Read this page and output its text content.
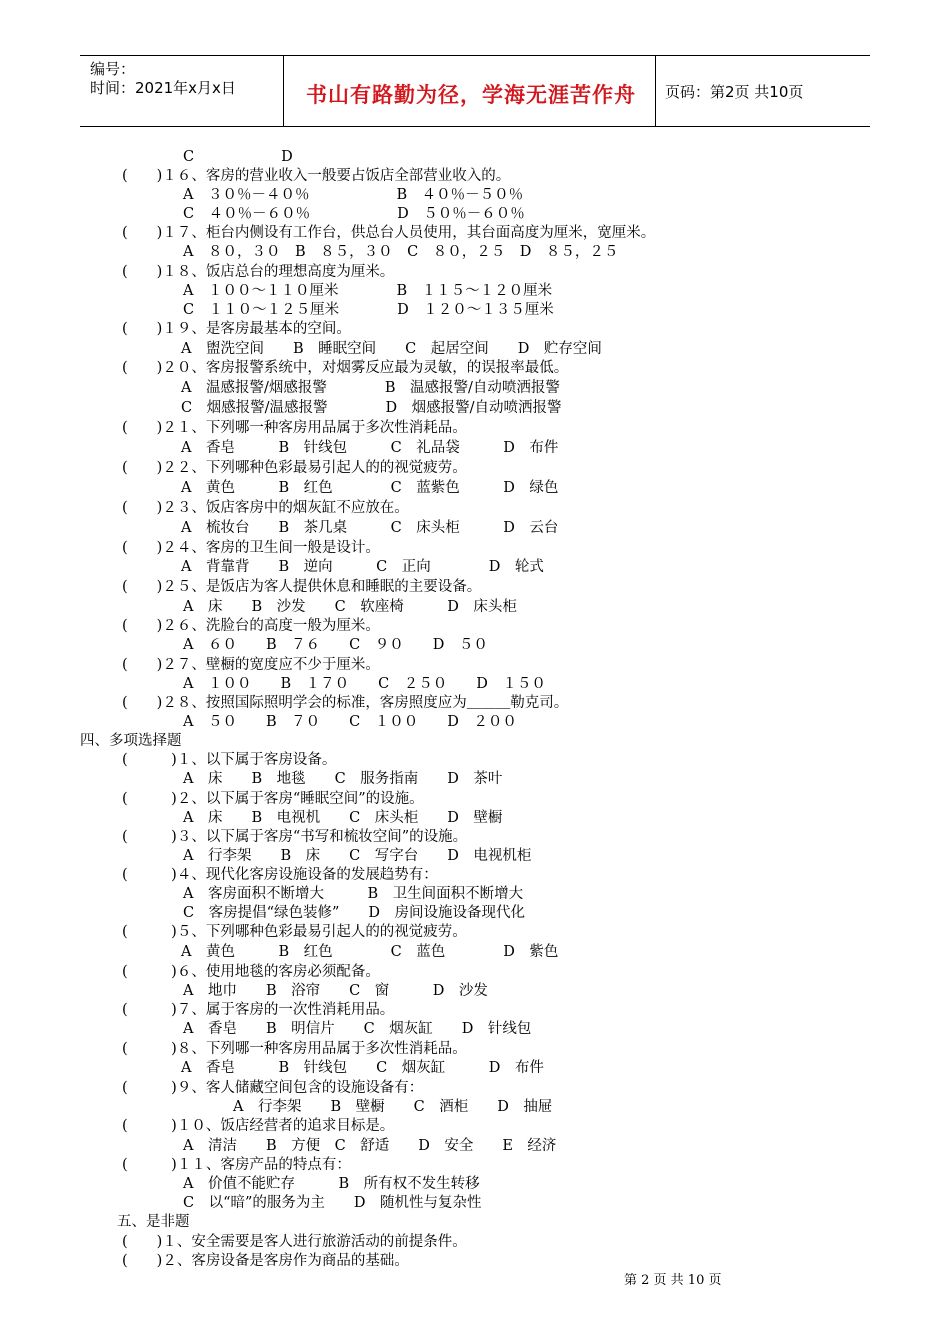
编号：
时间：2021年x月x日	书山有路勤为径，学海无涯苦作舟	页码：第2页 共10页
C　　　　　　D
(　　)１６、客房的营业收入一般要占饭店全部营业收入的。
A　３０％－４０％　　　　　　B　４０％－５０％
C　４０％－６０％　　　　　　D　５０％－６０％
(　　)１７、柜台内侧设有工作台，供总台人员使用，其台面高度为厘米，宽厘米。
A　８０，３０　B　８５，３０　C　８０，２５　D　８５，２５
(　　)１８、饭店总台的理想高度为厘米。
A　１００～１１０厘米　　　　B　１１５～１２０厘米
C　１１０～１２５厘米　　　　D　１２０～１３５厘米
(　　)１９、是客房最基本的空间。
A　盥洗空间　　B　睡眠空间　　C　起居空间　　D　贮存空间
(　　)２０、客房报警系统中，对烟雾反应最为灵敏，的误报率最低。
A　温感报警/烟感报警　　　　B　温感报警/自动喷洒报警
C　烟感报警/温感报警　　　　D　烟感报警/自动喷洒报警
(　　)２１、下列哪一种客房用品属于多次性消耗品。
A　香皂　　　B　针线包　　　C　礼品袋　　　D　布件
(　　)２２、下列哪种色彩最易引起人的的视觉疲劳。
A　黄色　　　B　红色　　　　C　蓝紫色　　　D　绿色
(　　)２３、饭店客房中的烟灰缸不应放在。
A　梳妆台　　B　茶几桌　　　C　床头柜　　　D　云台
(　　)２４、客房的卫生间一般是设计。
A　背靠背　　B　逆向　　　C　正向　　　　D　轮式
(　　)２５、是饭店为客人提供休息和睡眠的主要设备。
A　床　　B　沙发　　C　软座椅　　　D　床头柜
(　　)２６、洗脸台的高度一般为厘米。
A　６０　　B　７６　　C　９０　　D　５０
(　　)２７、壁橱的宽度应不少于厘米。
A　１００　　B　１７０　　C　２５０　　D　１５０
(　　)２８、按照国际照明学会的标准，客房照度应为＿＿＿勒克司。
A　５０　　B　７０　　C　１００　　D　２００
四、多项选择题
(　　　)１、以下属于客房设备。
A　床　　B　地毯　　C　服务指南　　D　茶叶
(　　　)２、以下属于客房“睡眠空间”的设施。
A　床　　B　电视机　　C　床头柜　　D　壁橱
(　　　)３、以下属于客房“书写和梳妆空间”的设施。
A　行李架　　B　床　　C　写字台　　D　电视机柜
(　　　)４、现代化客房设施设备的发展趋势有：
A　客房面积不断增大　　　B　卫生间面积不断增大
C　客房提倡“绿色装修”　　D　房间设施设备现代化
(　　　)５、下列哪种色彩最易引起人的的视觉疲劳。
A　黄色　　　B　红色　　　　C　蓝色　　　　D　紫色
(　　　)６、使用地毯的客房必须配备。
A　地巾　　B　浴帘　　C　窗　　　D　沙发
(　　　)７、属于客房的一次性消耗用品。
A　香皂　　B　明信片　　C　烟灰缸　　D　针线包
(　　　)８、下列哪一种客房用品属于多次性消耗品。
A　香皂　　　B　针线包　　C　烟灰缸　　　D　布件
(　　　)９、客人储藏空间包含的设施设备有：
A　行李架　　B　壁橱　　C　酒柜　　D　抽屉
(　　　)１０、饭店经营者的追求目标是。
A　清洁　　B　方便　C　舒适　　D　安全　　E　经济
(　　　)１１、客房产品的特点有：
A　价值不能贮存　　　B　所有权不发生转移
C　以“暗”的服务为主　　D　随机性与复杂性
五、是非题
(　　)１、安全需要是客人进行旅游活动的前提条件。
(　　)２、客房设备是客房作为商品的基础。
第 2 页 共 10 页
